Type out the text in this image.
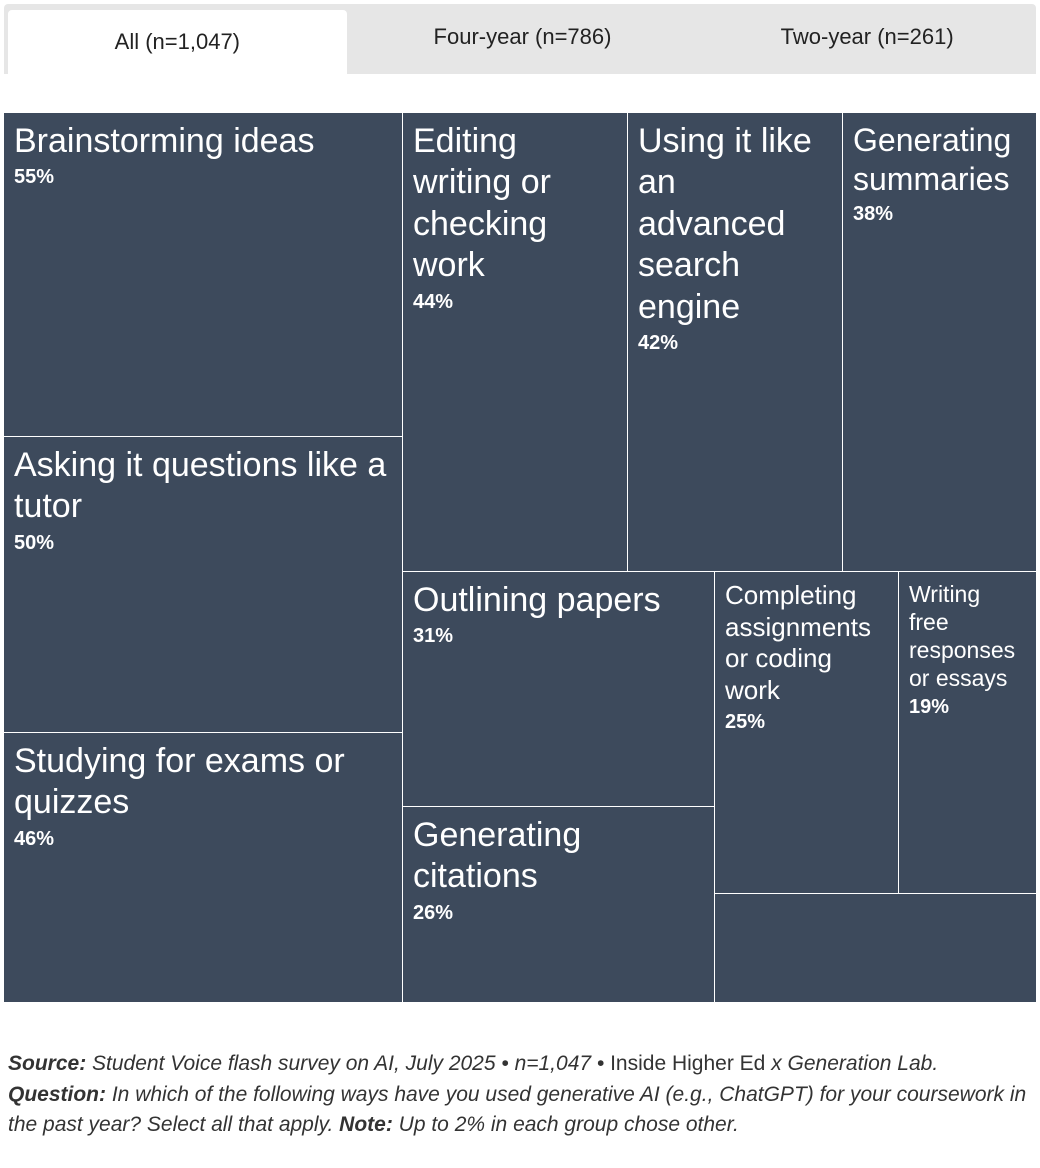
All (n=1,047)	Four-year (n=786)	Two-year (n=261)
Brainstorming ideas
55%
Asking it questions like a tutor
50%
Studying for exams or quizzes
46%
Editing writing or checking work
44%
Using it like an advanced search engine
42%
Generating summaries
38%
Outlining papers
31%
Generating citations
26%
Completing assignments or coding work
25%
Writing free responses or essays
19%
Source: Student Voice flash survey on AI, July 2025 • n=1,047 • Inside Higher Ed x Generation Lab. Question: In which of the following ways have you used generative AI (e.g., ChatGPT) for your coursework in the past year? Select all that apply. Note: Up to 2% in each group chose other.
